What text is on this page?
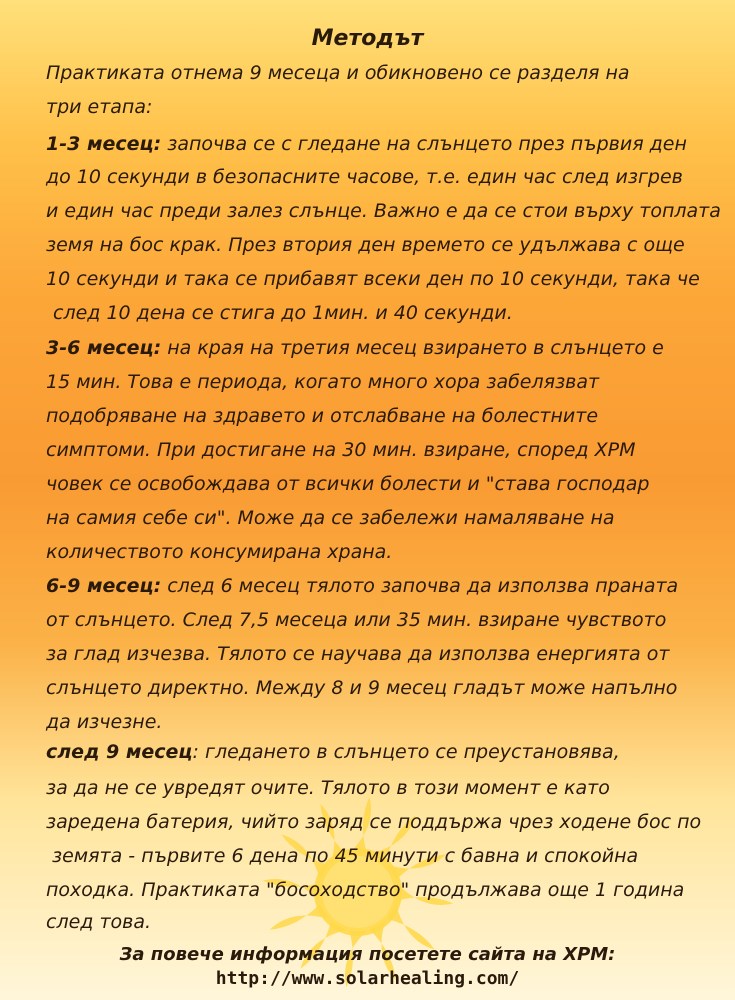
Методът
Практиката отнема 9 месеца и обикновено се разделя на
три етапа:
1-3 месец: започва се с гледане на слънцето през първия ден
до 10 секунди в безопасните часове, т.е. един час след изгрев
и един час преди залез слънце. Важно е да се стои върху топлата
земя на бос крак. През втория ден времето се удължава с още
10 секунди и така се прибавят всеки ден по 10 секунди, така че
след 10 дена се стига до 1мин. и 40 секунди.
3-6 месец: на края на третия месец взирането в слънцето е
15 мин. Това е периода, когато много хора забелязват
подобряване на здравето и отслабване на болестните
симптоми. При достигане на 30 мин. взиране, според ХРМ
човек се освобождава от всички болести и "става господар
на самия себе си". Може да се забележи намаляване на
количеството консумирана храна.
6-9 месец: след 6 месец тялото започва да използва праната
от слънцето. След 7,5 месеца или 35 мин. взиране чувството
за глад изчезва. Тялото се научава да използва енергията от
слънцето директно. Между 8 и 9 месец гладът може напълно
да изчезне.
след 9 месец: гледането в слънцето се преустановява,
за да не се увредят очите. Тялото в този момент е като
заредена батерия, чийто заряд се поддържа чрез ходене бос по
земята - първите 6 дена по 45 минути с бавна и спокойна
походка. Практиката "босоходство" продължава още 1 година
след това.
За повече информация посетете сайта на ХРМ:
http://www.solarhealing.com/
